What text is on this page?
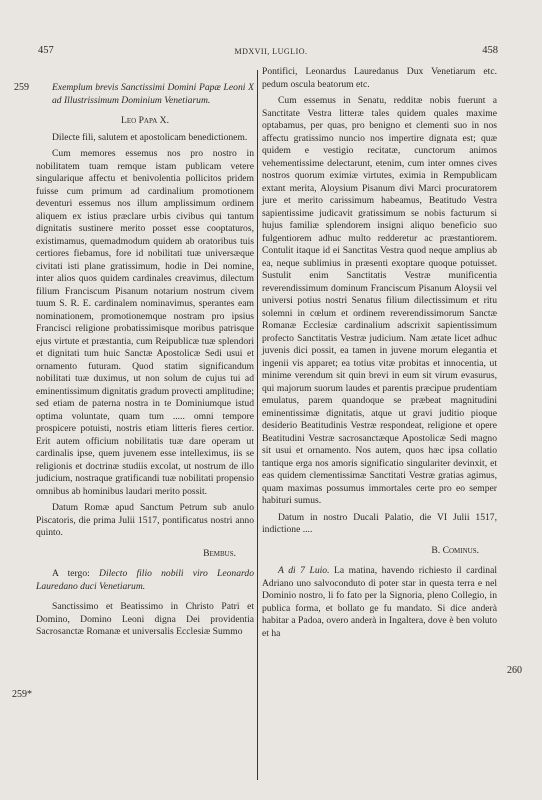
457	MDXVII, LUGLIO.	458
259
259*
260

Exemplum brevis Sanctissimi Domini Papæ Leoni X ad Illustrissimum Dominium Venetiarum.

Leo Papa X.

Dilecte fili, salutem et apostolicam benedictionem.

Cum memores essemus nos pro nostro in nobilitatem tuam remque istam publicam vetere singularique affectu et benivolentia pollicitos pridem fuisse cum primum ad cardinalium promotionem deventuri essemus nos illum amplissimum ordinem aliquem ex istius præclare urbis civibus qui tantum dignitatis sustinere merito posset esse cooptaturos, existimamus, quemadmodum quidem ab oratoribus tuis certiores fiebamus, fore id nobilitati tuæ universæque civitati isti plane gratissimum, hodie in Dei nomine, inter alios quos quidem cardinales creavimus, dilectum filium Franciscum Pisanum notarium nostrum civem tuum S. R. E. cardinalem nominavimus, sperantes eam nominationem, promotionemque nostram pro ipsius Francisci religione probatissimisque moribus patrisque ejus virtute et præstantia, cum Reipublicæ tuæ splendori et dignitati tum huic Sanctæ Apostolicæ Sedi usui et ornamento futuram. Quod statim significandum nobilitati tuæ duximus, ut non solum de cujus tui ad eminentissimum dignitatis gradum provecti amplitudine; sed etiam de paterna nostra in te Dominiumque istud optima voluntate, quam tum ..... omni tempore prospicere potuisti, nostris etiam litteris fieres certior. Erit autem officium nobilitatis tuæ dare operam ut cardinalis ipse, quem juvenem esse intelleximus, iis se religionis et doctrinæ studiis excolat, ut nostrum de illo judicium, nostraque gratificandi tuæ nobilitati propensio omnibus ab hominibus laudari merito possit.

Datum Romæ apud Sanctum Petrum sub anulo Piscatoris, die prima Julii 1517, pontificatus nostri anno quinto.

Bembus.

A tergo: Dilecto filio nobili viro Leonardo Lauredano duci Venetiarum.

Sanctissimo et Beatissimo in Christo Patri et Domino, Domino Leoni digna Dei providentia Sacrosanctæ Romanæ et universalis Ecclesiæ Summo

Pontifici, Leonardus Lauredanus Dux Venetiarum etc. pedum oscula beatorum etc.

Cum essemus in Senatu, redditæ nobis fuerunt a Sanctitate Vestra litteræ tales quidem quales maxime optabamus, per quas, pro benigno et clementi suo in nos affectu gratissimo nuncio nos impertire dignata est; quæ quidem e vestigio recitatæ, cunctorum animos vehementissime delectarunt, etenim, cum inter omnes cives nostros quorum eximiæ virtutes, eximia in Rempublicam extant merita, Aloysium Pisanum divi Marci procuratorem jure et merito carissimum habeamus, Beatitudo Vestra sapientissime judicavit gratissimum se nobis facturum si hujus familiæ splendorem insigni aliquo beneficio suo fulgentiorem adhuc multo redderetur ac præstantiorem. Contulit itaque id ei Sanctitas Vestra quod neque amplius ab ea, neque sublimius in præsenti exoptare quoque potuisset. Sustulit enim Sanctitatis Vestræ munificentia reverendissimum dominum Franciscum Pisanum Aloysii vel universi potius nostri Senatus filium dilectissimum et ritu solemni in cœlum et ordinem reverendissimorum Sanctæ Romanæ Ecclesiæ cardinalium adscrixit sapientissimum profecto Sanctitatis Vestræ judicium. Nam ætate licet adhuc juvenis dici possit, ea tamen in juvene morum elegantia et ingenii vis apparet; ea totius vitæ probitas et innocentia, ut minime verendum sit quin brevi in eum sit virum evasurus, qui majorum suorum laudes et parentis præcipue prudentiam emulatus, parem quandoque se præbeat magnitudini eminentissimæ dignitatis, atque ut gravi juditio pioque desiderio Beatitudinis Vestræ respondeat, religione et opere Beatitudini Vestræ sacrosanctæque Apostolicæ Sedi magno sit usui et ornamento. Nos autem, quos hæc ipsa collatio tantique erga nos amoris significatio singulariter devinxit, et eas quidem clementissimæ Sanctitati Vestræ gratias agimus, quam maximas possumus immortales certe pro eo semper habituri sumus.

Datum in nostro Ducali Palatio, die VI Julii 1517, indictione ....

B. Cominus.

A dì 7 Luio. La matina, havendo richiesto il cardinal Adriano uno salvoconduto di poter star in questa terra e nel Dominio nostro, li fo fato per la Signoria, pleno Collegio, in publica forma, et bollato ge fu mandato. Si dice anderà habitar a Padoa, overo anderà in Ingaltera, dove è ben voluto et ha
